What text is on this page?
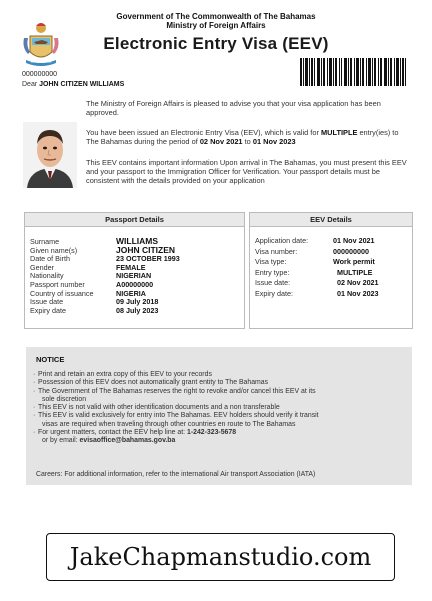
000000000
Dear JOHN CITIZEN WILLIAMS
Government of The Commonwealth of The Bahamas
Ministry of Foreign Affairs
Electronic Entry Visa (EEV)
The Ministry of Foreign Affairs is pleased to advise you that your visa application has been approved.
You have been issued an Electronic Entry Visa (EEV), which is valid for MULTIPLE entry(ies) to The Bahamas during the period of 02 Nov 2021 to 01 Nov 2023
This EEV contains important information Upon arrival in The Bahamas, you must present this EEV and your passport to the Immigration Officer for Verification. Your passport details must be consistent with the details provided on your application
Passport Details
Surname	WILLIAMS
Given name(s)	JOHN CITIZEN
Date of Birth	23 OCTOBER 1993
Gender	FEMALE
Nationality	NIGERIAN
Passport number	A00000000
Country of issuance	NIGERIA
Issue date	09 July 2018
Expiry date	08 July 2023
EEV Details
Application date:	01 Nov 2021
Visa number:	000000000
Visa type:	Work permit
Entry type:	MULTIPLE
Issue date:	02 Nov 2021
Expiry date:	01 Nov 2023
NOTICE
· Print and retain an extra copy of this EEV to your records
· Possession of this EEV does not automatically grant entity to The Bahamas
· The Government of The Bahamas reserves the right to revoke and/or cancel this EEV at its
sole discretion
· This EEV is not valid with other identification documents and a non transferable
· This EEV is valid exclusively for entry into The Bahamas. EEV holders should verify it transit
visas are required when traveling through other countries en route to The Bahamas
· For urgent matters, contact the EEV help line at: 1-242-323-5678
or by email: evisaoffice@bahamas.gov.ba
Careers: For additional information, refer to the international Air transport Association (IATA)
JakeChapmanstudio.com
